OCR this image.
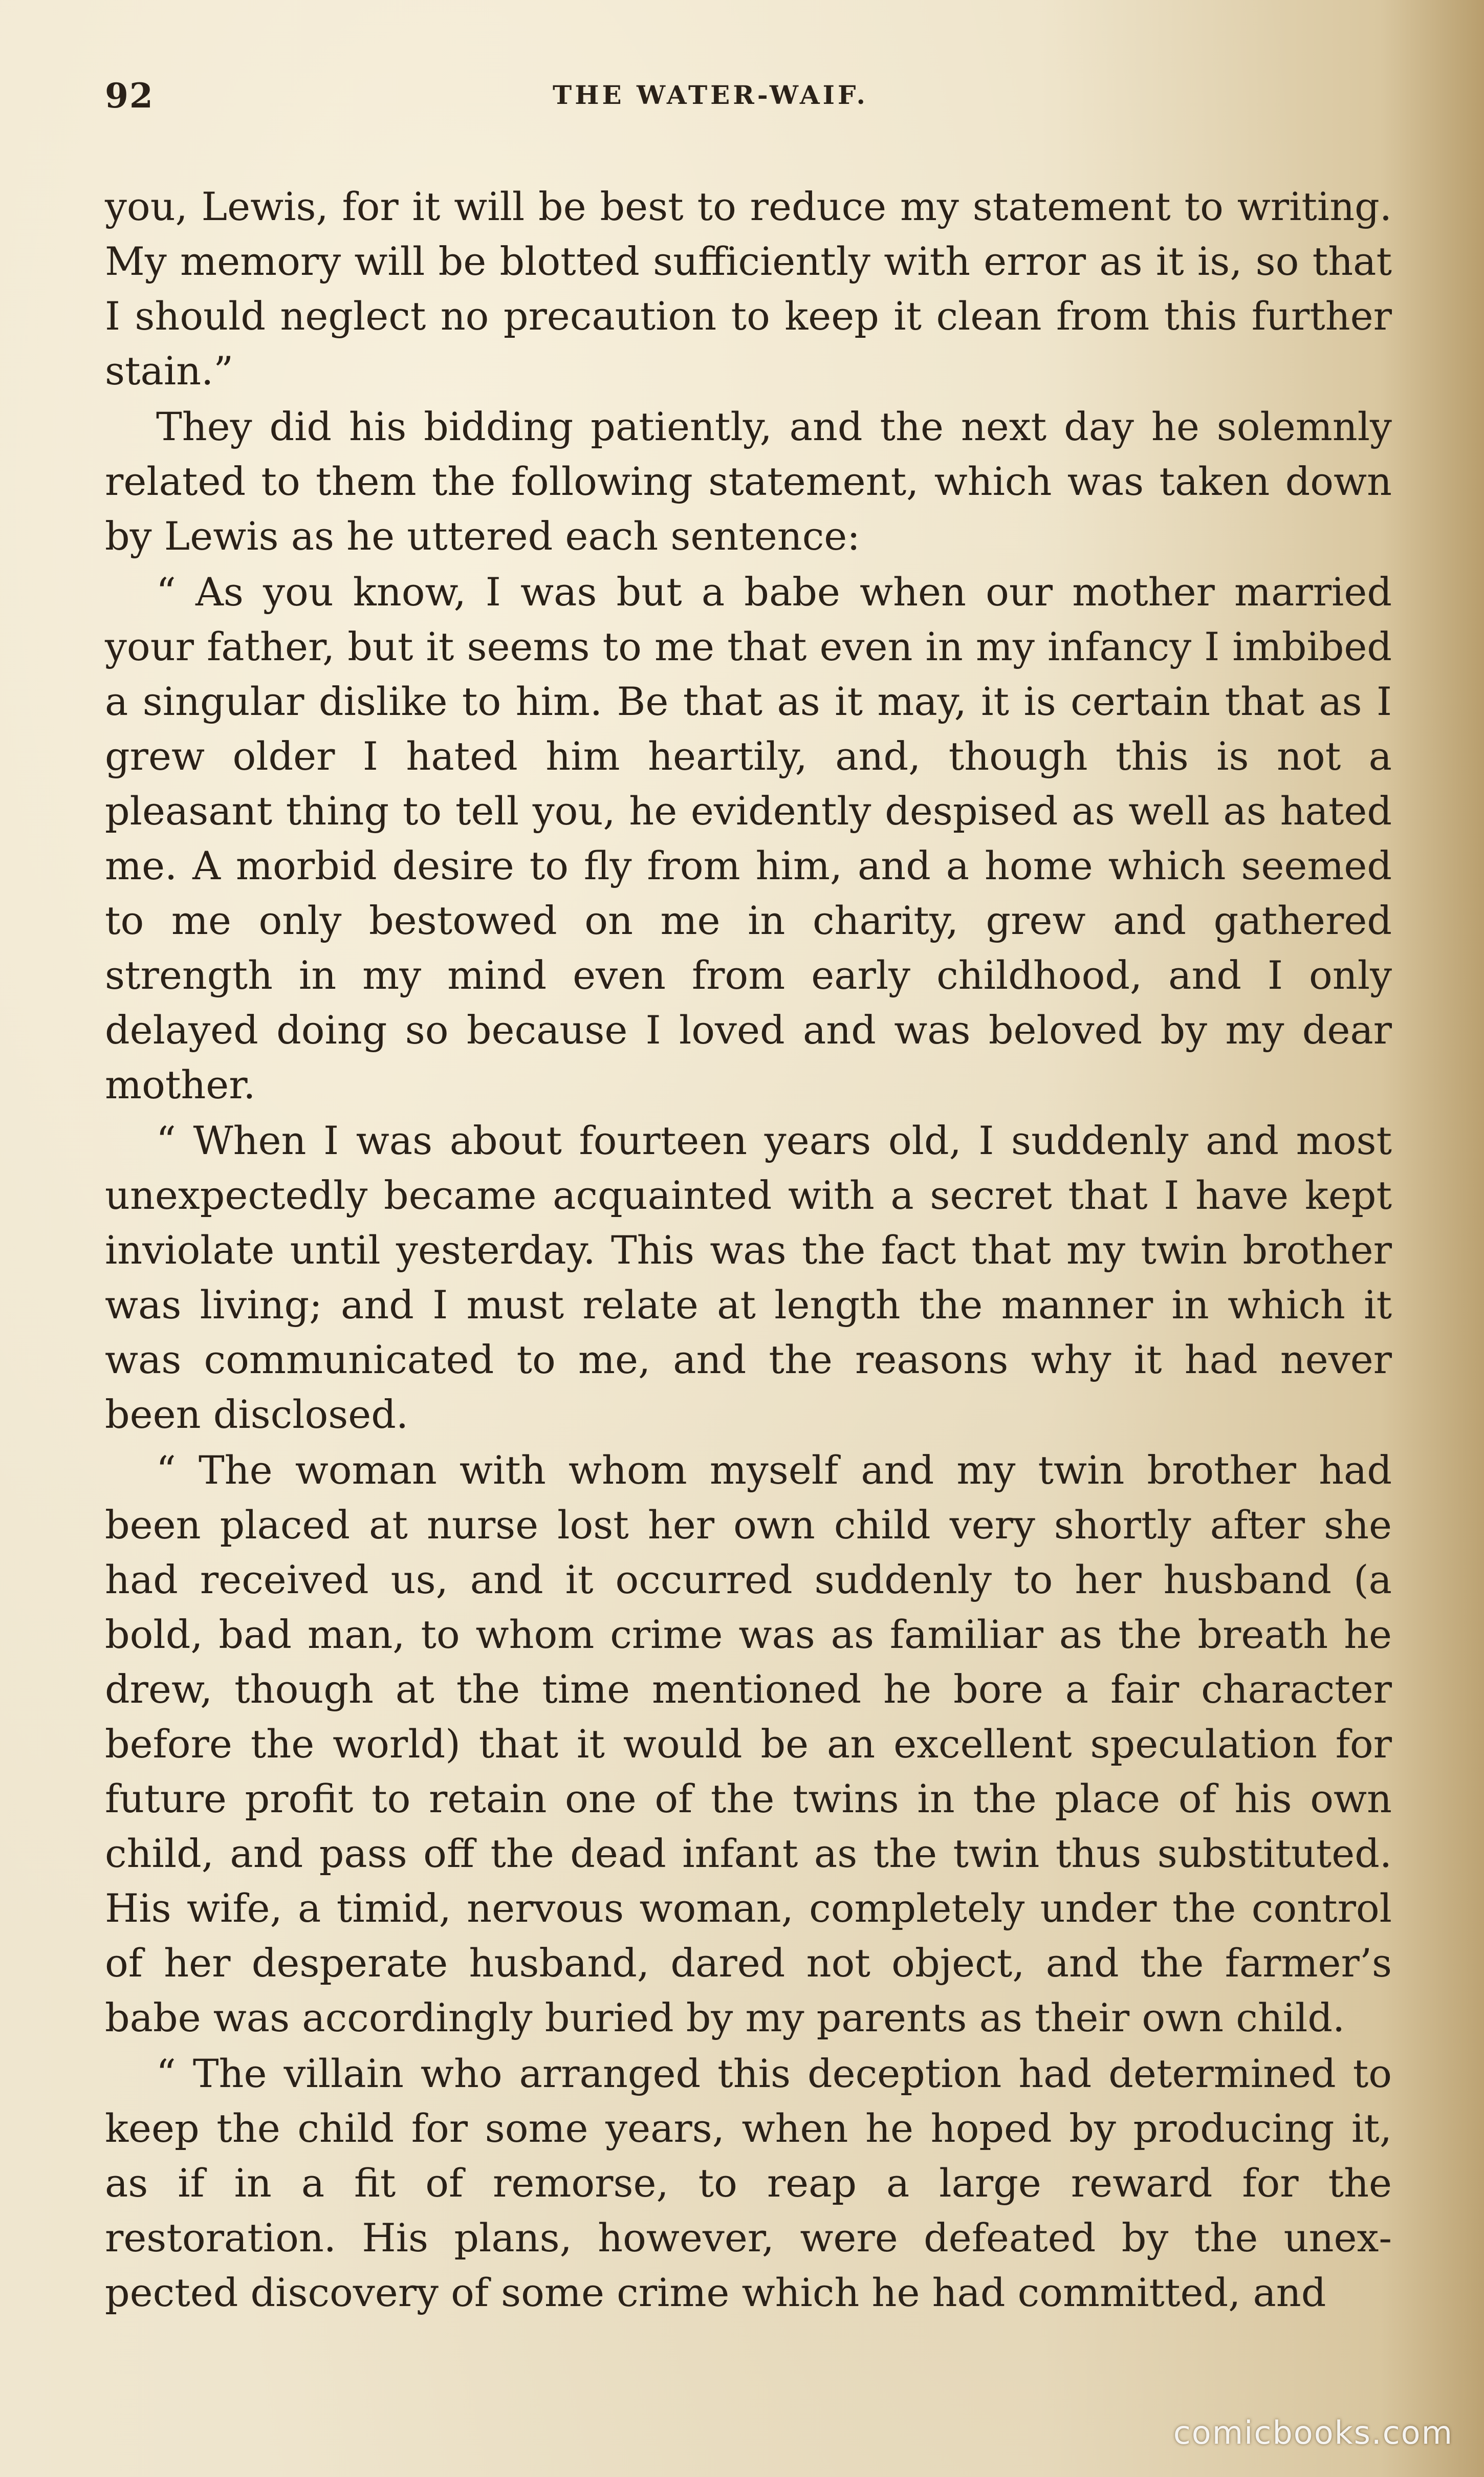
92	THE WATER-WAIF.

you, Lewis, for it will be best to reduce my statement to writing. My memory will be blotted sufficiently with error as it is, so that I should neglect no precaution to keep it clean from this further stain.”

They did his bidding patiently, and the next day he solemnly related to them the following statement, which was taken down by Lewis as he uttered each sentence:

“ As you know, I was but a babe when our mother married your father, but it seems to me that even in my infancy I imbibed a singular dislike to him. Be that as it may, it is certain that as I grew older I hated him heartily, and, though this is not a pleasant thing to tell you, he evidently despised as well as hated me. A morbid desire to fly from him, and a home which seemed to me only bestowed on me in charity, grew and gathered strength in my mind even from early childhood, and I only delayed doing so because I loved and was beloved by my dear mother.

“ When I was about fourteen years old, I suddenly and most unexpectedly became acquainted with a secret that I have kept inviolate until yesterday. This was the fact that my twin brother was living; and I must relate at length the manner in which it was communicated to me, and the reasons why it had never been disclosed.

“ The woman with whom myself and my twin brother had been placed at nurse lost her own child very shortly after she had received us, and it occurred suddenly to her husband (a bold, bad man, to whom crime was as familiar as the breath he drew, though at the time mentioned he bore a fair character before the world) that it would be an excellent speculation for future profit to retain one of the twins in the place of his own child, and pass off the dead infant as the twin thus substituted. His wife, a timid, nervous woman, completely under the control of her desperate husband, dared not object, and the farmer’s babe was accordingly buried by my parents as their own child.

“ The villain who arranged this deception had determined to keep the child for some years, when he hoped by producing it, as if in a fit of remorse, to reap a large reward for the restoration. His plans, however, were defeated by the unexpected discovery of some crime which he had committed, and

comicbooks.com
